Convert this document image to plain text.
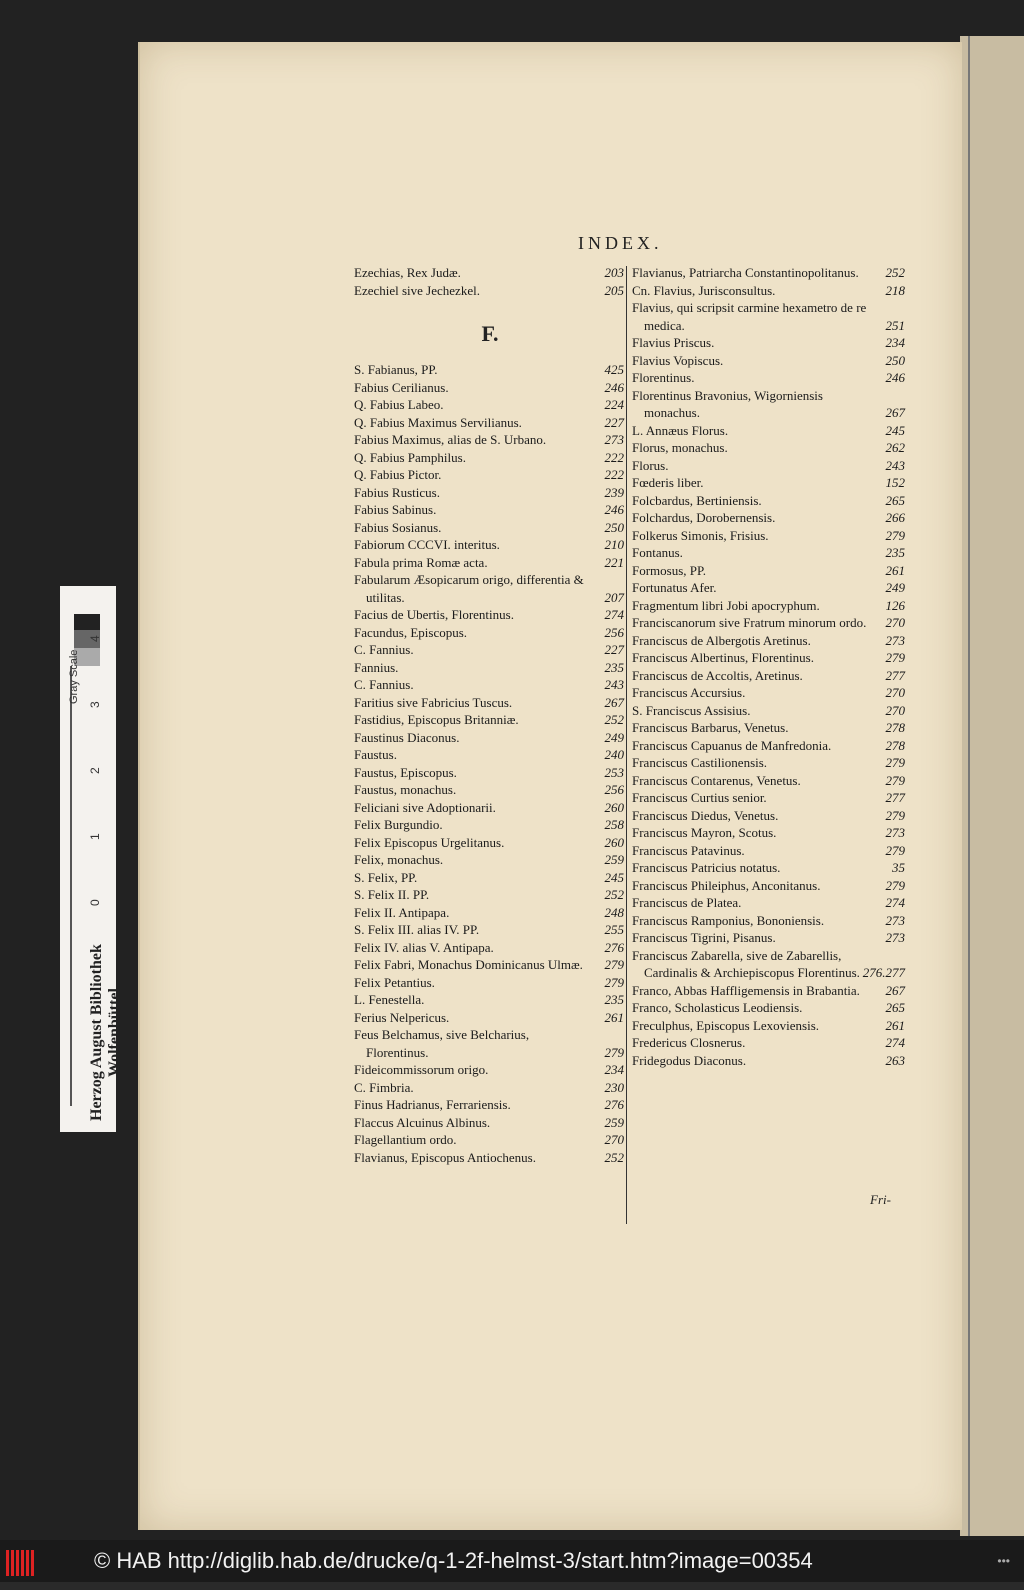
Gray Scale 0 1 2 3 4
Herzog August Bibliothek Wolfenbüttel
INDEX.
Ezechias, Rex Judæ.	203
Ezechiel sive Jechezkel.	205
F.
S. Fabianus, PP.	425
Fabius Cerilianus.	246
Q. Fabius Labeo.	224
Q. Fabius Maximus Servilianus.	227
Fabius Maximus, alias de S. Urbano.	273
Q. Fabius Pamphilus.	222
Q. Fabius Pictor.	222
Fabius Rusticus.	239
Fabius Sabinus.	246
Fabius Sosianus.	250
Fabiorum CCCVI. interitus.	210
Fabula prima Romæ acta.	221
Fabularum Æsopicarum origo, differentia & utilitas.	207
Facius de Ubertis, Florentinus.	274
Facundus, Episcopus.	256
C. Fannius.	227
Fannius.	235
C. Fannius.	243
Faritius sive Fabricius Tuscus.	267
Fastidius, Episcopus Britanniæ.	252
Faustinus Diaconus.	249
Faustus.	240
Faustus, Episcopus.	253
Faustus, monachus.	256
Feliciani sive Adoptionarii.	260
Felix Burgundio.	258
Felix Episcopus Urgelitanus.	260
Felix, monachus.	259
S. Felix, PP.	245
S. Felix II. PP.	252
Felix II. Antipapa.	248
S. Felix III. alias IV. PP.	255
Felix IV. alias V. Antipapa.	276
Felix Fabri, Monachus Dominicanus Ulmæ.	279
Felix Petantius.	279
L. Fenestella.	235
Ferius Nelpericus.	261
Feus Belchamus, sive Belcharius, Florentinus.	279
Fideicommissorum origo.	234
C. Fimbria.	230
Finus Hadrianus, Ferrariensis.	276
Flaccus Alcuinus Albinus.	259
Flagellantium ordo.	270
Flavianus, Episcopus Antiochenus.	252
Flavianus, Patriarcha Constantinopolitanus.	252
Cn. Flavius, Jurisconsultus.	218
Flavius, qui scripsit carmine hexametro de re medica.	251
Flavius Priscus.	234
Flavius Vopiscus.	250
Florentinus.	246
Florentinus Bravonius, Wigorniensis monachus.	267
L. Annæus Florus.	245
Florus, monachus.	262
Florus.	243
Fœderis liber.	152
Folcbardus, Bertiniensis.	265
Folchardus, Dorobernensis.	266
Folkerus Simonis, Frisius.	279
Fontanus.	235
Formosus, PP.	261
Fortunatus Afer.	249
Fragmentum libri Jobi apocryphum.	126
Franciscanorum sive Fratrum minorum ordo.	270
Franciscus de Albergotis Aretinus.	273
Franciscus Albertinus, Florentinus.	279
Franciscus de Accoltis, Aretinus.	277
Franciscus Accursius.	270
S. Franciscus Assisius.	270
Franciscus Barbarus, Venetus.	278
Franciscus Capuanus de Manfredonia.	278
Franciscus Castilionensis.	279
Franciscus Contarenus, Venetus.	279
Franciscus Curtius senior.	277
Franciscus Diedus, Venetus.	279
Franciscus Mayron, Scotus.	273
Franciscus Patavinus.	279
Franciscus Patricius notatus.	35
Franciscus Phileiphus, Anconitanus.	279
Franciscus de Platea.	274
Franciscus Ramponius, Bononiensis.	273
Franciscus Tigrini, Pisanus.	273
Franciscus Zabarella, sive de Zabarellis, Cardinalis & Archiepiscopus Florentinus. 276.277
Franco, Abbas Haffligemensis in Brabantia.	267
Franco, Scholasticus Leodiensis.	265
Freculphus, Episcopus Lexoviensis.	261
Fredericus Closnerus.	274
Fridegodus Diaconus.	263
Fri-
© HAB http://diglib.hab.de/drucke/q-1-2f-helmst-3/start.htm?image=00354	•••
